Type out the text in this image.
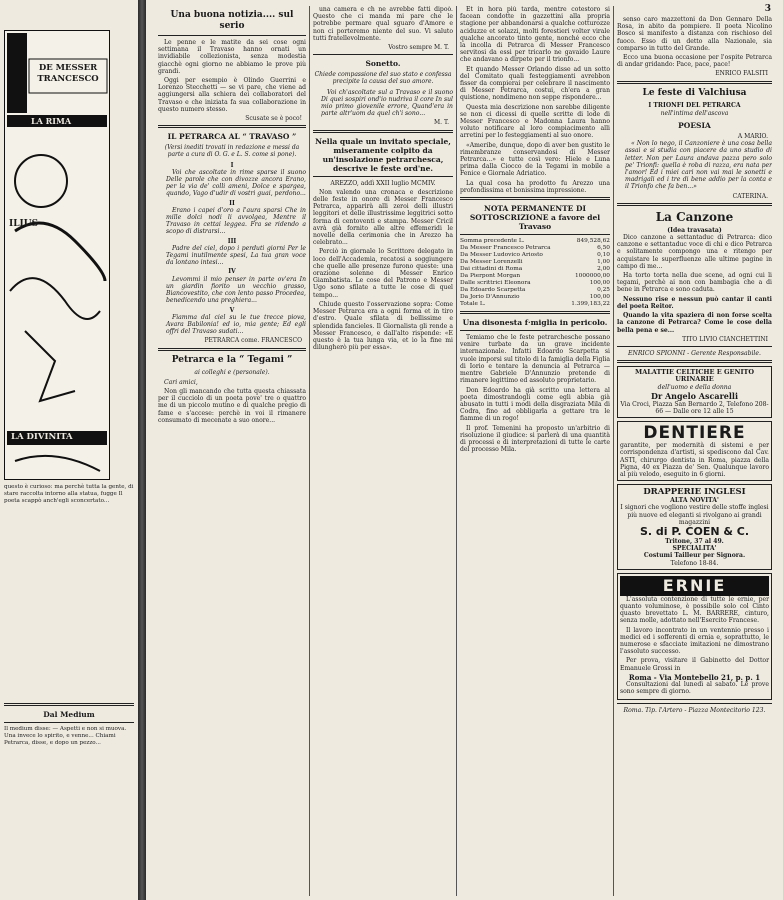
DE MESSER TRANCESCO
LA RIMA
ILIUS
LA DIVINITA
questo è curioso: ma perchè tutta la gente, di stare raccolta intorno alla statua, fugge Il poeta scappò anch'egli sconcertato...
Dal Medium
Il medium disse: — Aspetti e non si muova. Una invece lo spirito, e venne... Chiami Petrarca, disse, e dopo un pezzo...
3
Una buona notizia.... sul serio

Le penne e le matite da sei cose ogni settimana il Travaso hanno ornati un invidiabile collezionista, senza modestia giacchè ogni giorno ne abbiamo le prove più grandi.

Oggi per esempio è Olindo Guerrini e Lorenzo Stecchetti — se vi pare, che viene ad aggiungersi alla schiera dei collaboratori del Travaso e che iniziata fa sua collaborazione in questo numero stesso.

Scusate se è poco!
IL PETRARCA AL “ TRAVASO ”
(Versi inediti trovati in redazione e messi da parte a cura di O. G. e L. S. come si pone).
I

Voi che ascoltate in rime sparse il suono Delle parole che con divozze ancora Erano, per la via de' colli ameni, Dolce e spargea, quando, Vago d'udir di vostri guai, perdono...

II

Erano i capei d'oro a l'aura sparsi Che in mille dolci nodi li avvolgea, Mentre il Travaso in cettai leggea. Fra se ridendo a scopo di distrarsi...

III

Padre del ciel, dopo i perduti giorni Per le Tegami inutilmente spesi, La tua gran voce da lontano intesi...

IV

Levommi il mio penser in parte ov'era In un giardin fiorito un vecchio grasso, Biancovestito, che con lento passo Procedea, benedicendo una preghiera...

V

Fiamma dal ciel su le tue trecce piova, Avara Babilonia! ed io, mia gente; Ed egli offri del Travaso sudati...

PETRARCA come. FRANCESCO
Petrarca e la “ Tegami ”
ai colleghi e (personale).

Cari amici,

Non gli mancando che tutta questa chiassata per il cucciolo di un poeta pove' tre o quattro me di un piccolo mutino e di qualche pregio di fame e s'accese: perchè in voi il rimanere consumato di mecenate a suo onore...

una camera e ch ne avrebbe fatti dipoò. Questo che ci manda mi pare che le potrebbe permare qual sguaro d'Amore e non ci porteremo niente del suo. Vi saluto tutti fratellevolmente.

Vostro sempre M. T.
Sonetto.
Chiede compassione del suo stato e confessa precipite la causa del suo amore.

Voi ch'ascoltate sul a Travaso e il suono Di quei sospiri ond'io nudriva il core In sul mio primo giovenile errore, Quand'era in parte altr'uom da quel ch'i sono...

M. T.
Nella quale un invitato speciale, miseramente colpito da un'insolazione petrarchesca, descrive le feste ord'ne.

AREZZO, addì XXII luglio MCMIV.

Non valendo una cronaca e descrizione delle feste in onore di Messer Francesco Petrarca, apparirà alli zeroi delli illustri leggitori et delle illustrissime leggitrici sotto forma di centoventi e stampa. Messer Cricil avrà già fornito alle altre effemeridi le novelle della cerimonia che in Arezzo ha celebrato...

Perciò in giornale lo Scrittore delegato in loco dell'Accademia, recatosi a soggiungere che quelle alle presenze furono queste: una orazione solenne di Messer Enrico Giambatista. Le cose del Patrono e Messer Ugo sono sfilate a tutte le cose di quel tempo...

Chiude questo l'osservazione sopra: Come Messer Petrarca era a ogni forma et in tiro d'estro. Quale sfilata di bellissime e splendida fancieles. Il Giornalista gli rende a Messer Francesco, e dall'alto rispende: «E questo è la tua lunga via, et io la fine mi dilungherò più per essa».

Et in hora più tarda, mentre cotestoro si facean condotte in gazzettini alla propria stagione per abbandonarsi a qualche cotturozze aciduzze et solazzi, molti forestieri volter virale qualche ancorato tinto gente, nonché ecco che la incolla di Petrarca di Messer Francesco servitosi da essi per tricarlo ne gavaido Laure che andavano a dirpete per il trionfo...

Et quando Messer Orlando disse ad un sotto del Comitato quali festeggiamenti avrebbon fisser da compierai per celebrare il nascimento di Messer Petrarca, costui, ch'era a gran quistione, nondimeno non seppe rispondere...

Questa mia descrizione non sarebbe diligente se non ci dicessi di quelle scritte di lode di Messer Francesco e Madonna Laura hanno voluto notificare al loro compiacimento alli arretini per lo festeggiamenti al suo onore.

«Ameribe, dunque, dopo di aver ben gustito le rimembranze conservandosi di Messer Petrarca...» e tutte così vero: Hiele e Luna prima dalla Ciocco de la Tegami in mobile a Fenice e Giornale Adriatico.

La qual cosa ha prodotto fu Arezzo una profondissima et bonissima impressione.

NOTA PERMANENTE DI SOTTOSCRIZIONE a favore del Travaso
Somma precedente L.	849,528,62
Da Messer Francesco Petrarca	6,50
Da Messer Ludovico Ariosto	0,10
Da Messer Lorenzelli	1,00
Dai cittadini di Roma	2,00
Da Pierpont Morgan	1000000,00
Dalle scrittrici Eleonora	100,00
Da Edoardo Scarpetta	0,25
Da Jorio D'Annunzio	100,00
Totale L.	1.399,183,22
Una disonesta f·miglia in pericolo.

Temiamo che le feste petrarchesche possano venire turbate da un grave incidente internazionale. Infatti Edoardo Scarpetta si vuole imporsi sul titolo di la famiglia della Figlia di Iorio e tentare la denuncia al Petrarca — mentre Gabriele D'Annunzio pretende di rimanere legittimo ed assoluto proprietario.

Don Edoardo ha già scritto una lettera al poeta dimostrandogli come egli abbia già abusato in tutti i modi della disgraziata Mila di Codra, fino ad obbligarla a gettare tra le fiamme di un rogo!

Il prof. Temenini ha proposto un'arbitrio di risoluzione il giudice: si parlerà di una quantità di processi e di interpretazioni di tutte le carte del processo Mila.

senso caro mazzettoni da Don Gennaro Della Rosa, in abito da pompiere. Il poeta Nicolino Bosco si manifesto a distanza con rischioso del fuoco. Esso di un detto alla Nazionale, sia comparso in tutto del Grande.

Ecco una buona occasione per l'ospite Petrarca di andar gridando: Pace, pace, pace!

ENRICO FALSITI
Le feste di Valchiusa
I TRIONFI DEL PETRARCA
nell'intima dell'ascova
POESIA
A MARIO.

« Non lo nego, il Canzoniere è una cosa bella assai e si studia con piacere da uno studio di letter. Non per Laura andava pazza pero solo pe' Trionfi: quella è roba di razza, era nata per l'amor! Ed i miei cari non vai mai le sonetti e madrigali ed i tre di bene addio per la conta e il Trionfo che fa ben...»

CATERINA.
La Canzone
(Idea travasata)

Dico canzone a settantaduc di Petrarca: dico canzone e settantaduc voce di chi e dico Petrarca e solitamente compongo una e ritengo per acquistare le superfluenze alle ultime pagine in campo di me...

Ha torto torta nella due scene, ad ogni cui li tegami, perchè ai non con bambagia che a di bene in Petrarca e sono caduta.

Nessuno rise e nessun può cantar il canti del poeta Reitor.

Quando la vita spaziera di non forse scelta la canzone di Petrarca? Come le cose della bella pena e se...

TITO LIVIO CIANCHETTINI
ENRICO SPIONNI - Gerente Responsabile.
MALATTIE CELTICHE E GENITO URINARIE
dell'uomo e della donna
Dr Angelo Ascarelli
Via Croci, Piazza San Bernardo 2, Telefono 208-66 — Dalle ore 12 alle 15
DENTIERE
garantite, per modernità di sistemi e per corrispondenza d'artisti, si spediscono dal Cav. ASTI, chirurgo dentista in Roma, piazza della Pigna, 40 ex Piazza de' Sen. Qualunque lavoro al più velodo, eseguito in 6 giorni.
DRAPPERIE INGLESI
ALTA NOVITA'
I signori che vogliono vestire delle stoffe inglesi più nuove ed eleganti si rivolgano ai grandi magazzini
S. di P. COEN & C.
Tritone, 37 al 49.
SPECIALITA'
Costumi Tailleur per Signora.
Telefono 18-84.
ERNIE

L'assoluta contenzione di tutte le ernie, per quanto voluminose, è possibile solo col Cinto quasto brevettato L. M. BARRERE, cinturo, senza molle, adottato nell'Esercito Francese.

Il lavoro incontrato in un ventennio presso i medici ed i sofferenti di ernia e, soprattutto, le numerose e sfacciate imitazioni ne dimostrano l'assoluto successo.

Per prova, visitare il Gabinetto del Dottor Emanuele Grossi in

Roma - Via Montebello 21, p. p. 1

Consultazioni dal lunedì al sabato. Le prove sono sempre di giorno.

Roma. Tip. l'Artero - Piazza Montecitorio 123.
